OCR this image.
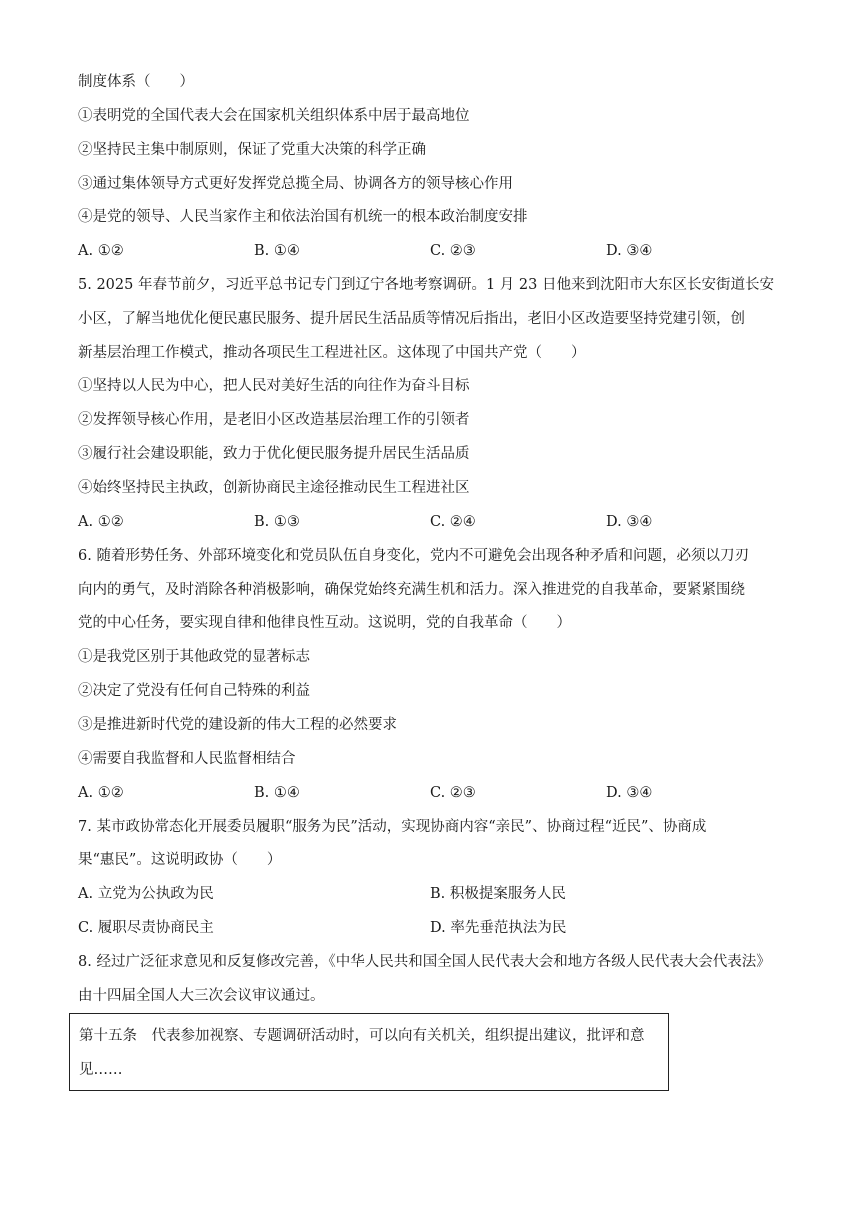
制度体系（　　）
①表明党的全国代表大会在国家机关组织体系中居于最高地位
②坚持民主集中制原则，保证了党重大决策的科学正确
③通过集体领导方式更好发挥党总揽全局、协调各方的领导核心作用
④是党的领导、人民当家作主和依法治国有机统一的根本政治制度安排
A. ①②	B. ①④	C. ②③	D. ③④
5. 2025 年春节前夕，习近平总书记专门到辽宁各地考察调研。1 月 23 日他来到沈阳市大东区长安街道长安
小区，了解当地优化便民惠民服务、提升居民生活品质等情况后指出，老旧小区改造要坚持党建引领，创
新基层治理工作模式，推动各项民生工程进社区。这体现了中国共产党（　　）
①坚持以人民为中心，把人民对美好生活的向往作为奋斗目标
②发挥领导核心作用，是老旧小区改造基层治理工作的引领者
③履行社会建设职能，致力于优化便民服务提升居民生活品质
④始终坚持民主执政，创新协商民主途径推动民生工程进社区
A. ①②	B. ①③	C. ②④	D. ③④
6. 随着形势任务、外部环境变化和党员队伍自身变化，党内不可避免会出现各种矛盾和问题，必须以刀刃
向内的勇气，及时消除各种消极影响，确保党始终充满生机和活力。深入推进党的自我革命，要紧紧围绕
党的中心任务，要实现自律和他律良性互动。这说明，党的自我革命（　　）
①是我党区别于其他政党的显著标志
②决定了党没有任何自己特殊的利益
③是推进新时代党的建设新的伟大工程的必然要求
④需要自我监督和人民监督相结合
A. ①②	B. ①④	C. ②③	D. ③④
7. 某市政协常态化开展委员履职“服务为民”活动，实现协商内容“亲民”、协商过程“近民”、协商成
果“惠民”。这说明政协（　　）
A. 立党为公执政为民	B. 积极提案服务人民
C. 履职尽责协商民主	D. 率先垂范执法为民
8. 经过广泛征求意见和反复修改完善，《中华人民共和国全国人民代表大会和地方各级人民代表大会代表法》
由十四届全国人大三次会议审议通过。
第十五条　代表参加视察、专题调研活动时，可以向有关机关，组织提出建议，批评和意
见……
